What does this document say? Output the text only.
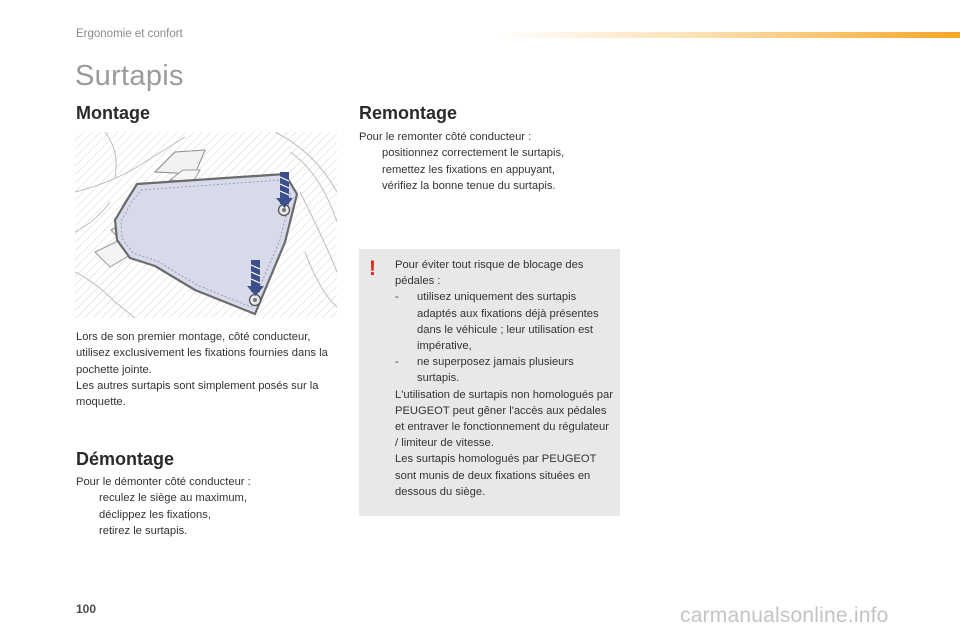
Ergonomie et confort
Surtapis
Montage

Lors de son premier montage, côté conducteur, utilisez exclusivement les fixations fournies dans la pochette jointe.

Les autres surtapis sont simplement posés sur la moquette.

Démontage

Pour le démonter côté conducteur :

reculez le siège au maximum,
déclippez les fixations,
retirez le surtapis.
Remontage

Pour le remonter côté conducteur :

positionnez correctement le surtapis,
remettez les fixations en appuyant,
vérifiez la bonne tenue du surtapis.
! Pour éviter tout risque de blocage des pédales :

- utilisez uniquement des surtapis adaptés aux fixations déjà présentes dans le véhicule ; leur utilisation est impérative,
- ne superposez jamais plusieurs surtapis.

L'utilisation de surtapis non homologués par PEUGEOT peut gêner l'accès aux pédales et entraver le fonctionnement du régulateur / limiteur de vitesse.

Les surtapis homologués par PEUGEOT sont munis de deux fixations situées en dessous du siège.

100	carmanualsonline.info
